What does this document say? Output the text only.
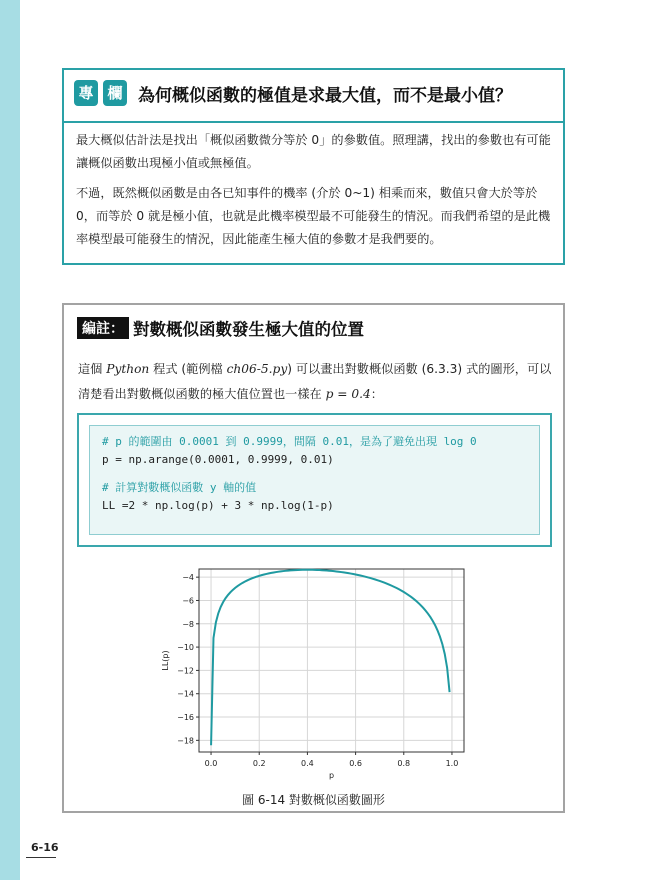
專 欄 為何概似函數的極值是求最大值，而不是最小值？

最大概似估計法是找出「概似函數微分等於 0」的參數值。照理講，找出的參數也有可能讓概似函數出現極小值或無極值。

不過，既然概似函數是由各已知事件的機率 (介於 0~1) 相乘而來，數值只會大於等於 0，而等於 0 就是極小值，也就是此機率模型最不可能發生的情況。而我們希望的是此機率模型最可能發生的情況，因此能產生極大值的參數才是我們要的。

編註： 對數概似函數發生極大值的位置
這個 Python 程式 (範例檔 ch06-5.py) 可以畫出對數概似函數 (6.3.3) 式的圖形，可以清楚看出對數概似函數的極大值位置也一樣在 p = 0.4：
# p 的範圍由 0.0001 到 0.9999，間隔 0.01，是為了避免出現 log 0
p = np.arange(0.0001, 0.9999, 0.01)
# 計算對數概似函數 y 軸的值
LL =2 * np.log(p) + 3 * np.log(1-p)
0.0	0.2	0.4	0.6	0.8	1.0
−4
−6
−8
−10
−12
−14
−16
−18
p
LL(p)
圖 6-14 對數概似函數圖形
6-16
